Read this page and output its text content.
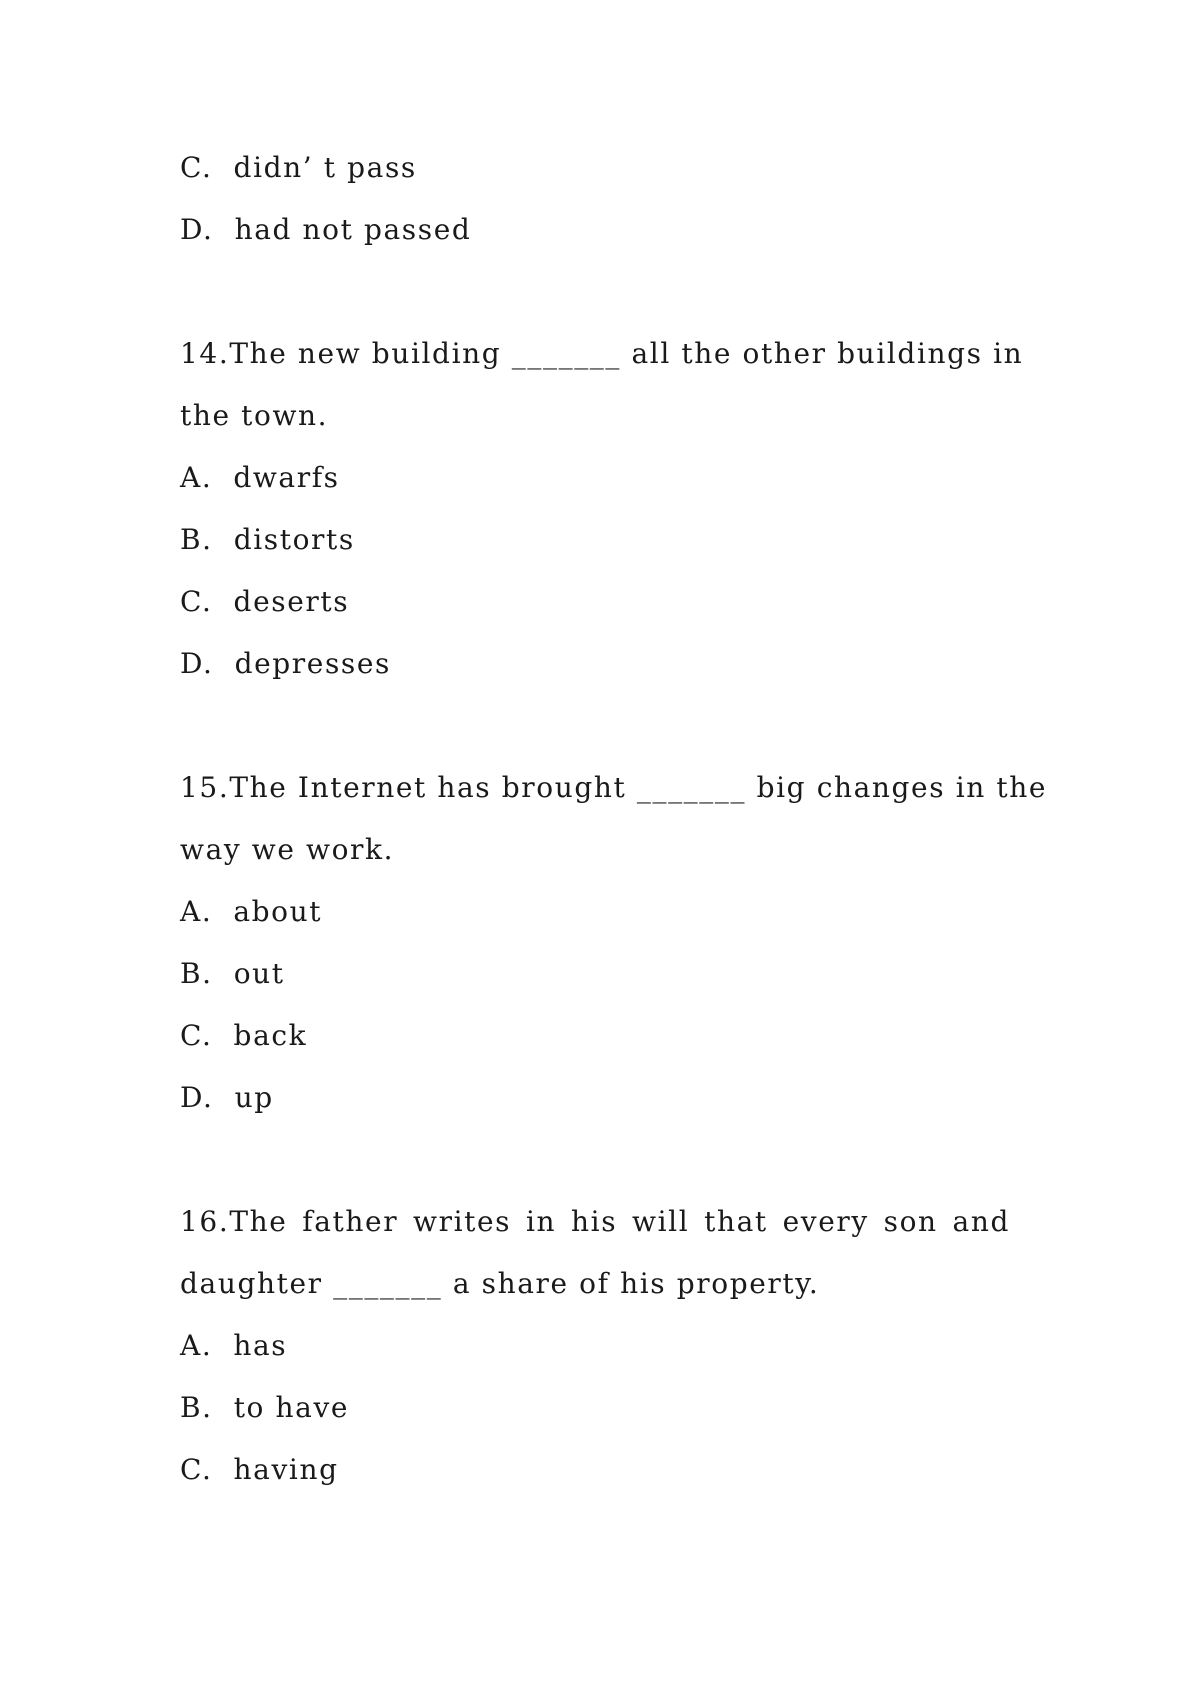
C. didn’ t pass
D. had not passed
14.The new building _______ all the other buildings in
the town.
A. dwarfs
B. distorts
C. deserts
D. depresses
15.The Internet has brought _______ big changes in the
way we work.
A. about
B. out
C. back
D. up
16.The father writes in his will that every son and
daughter _______ a share of his property.
A. has
B. to have
C. having
